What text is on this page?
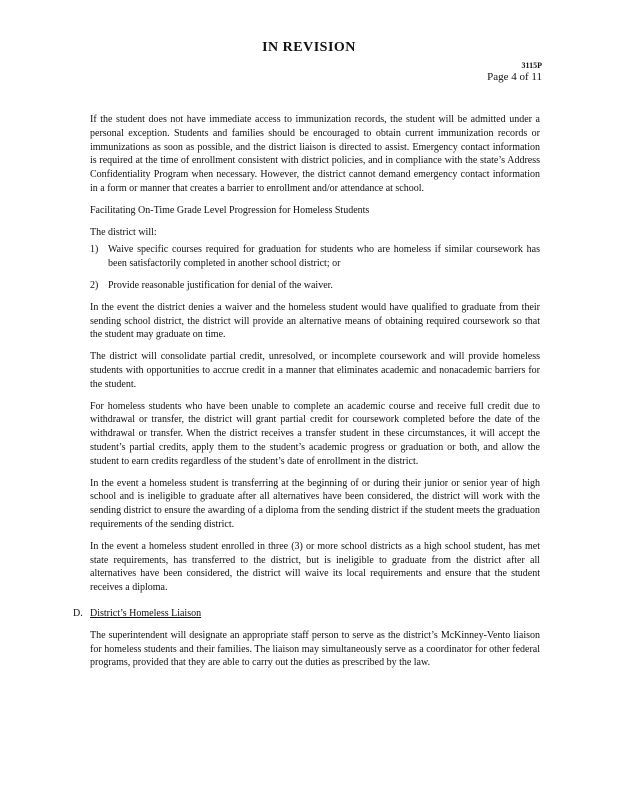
IN REVISION
3115P
Page 4 of 11

If the student does not have immediate access to immunization records, the student will be admitted under a personal exception. Students and families should be encouraged to obtain current immunization records or immunizations as soon as possible, and the district liaison is directed to assist. Emergency contact information is required at the time of enrollment consistent with district policies, and in compliance with the state’s Address Confidentiality Program when necessary. However, the district cannot demand emergency contact information in a form or manner that creates a barrier to enrollment and/or attendance at school.

Facilitating On-Time Grade Level Progression for Homeless Students

The district will:

1) Waive specific courses required for graduation for students who are homeless if similar coursework has been satisfactorily completed in another school district; or
2) Provide reasonable justification for denial of the waiver.

In the event the district denies a waiver and the homeless student would have qualified to graduate from their sending school district, the district will provide an alternative means of obtaining required coursework so that the student may graduate on time.

The district will consolidate partial credit, unresolved, or incomplete coursework and will provide homeless students with opportunities to accrue credit in a manner that eliminates academic and nonacademic barriers for the student.

For homeless students who have been unable to complete an academic course and receive full credit due to withdrawal or transfer, the district will grant partial credit for coursework completed before the date of the withdrawal or transfer. When the district receives a transfer student in these circumstances, it will accept the student’s partial credits, apply them to the student’s academic progress or graduation or both, and allow the student to earn credits regardless of the student’s date of enrollment in the district.

In the event a homeless student is transferring at the beginning of or during their junior or senior year of high school and is ineligible to graduate after all alternatives have been considered, the district will work with the sending district to ensure the awarding of a diploma from the sending district if the student meets the graduation requirements of the sending district.

In the event a homeless student enrolled in three (3) or more school districts as a high school student, has met state requirements, has transferred to the district, but is ineligible to graduate from the district after all alternatives have been considered, the district will waive its local requirements and ensure that the student receives a diploma.

D. District’s Homeless Liaison

The superintendent will designate an appropriate staff person to serve as the district’s McKinney-Vento liaison for homeless students and their families. The liaison may simultaneously serve as a coordinator for other federal programs, provided that they are able to carry out the duties as prescribed by the law.
